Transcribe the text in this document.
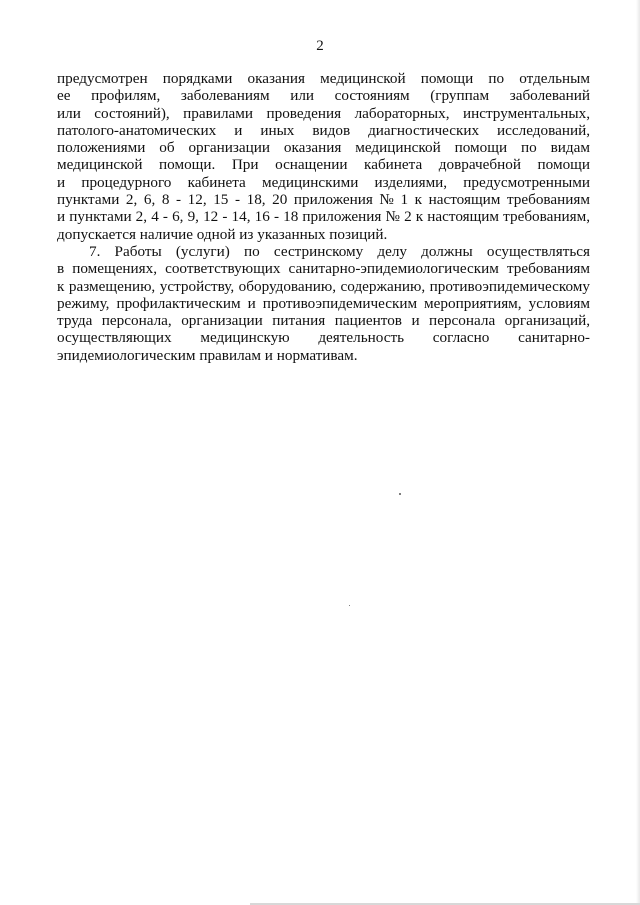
2
предусмотрен порядками оказания медицинской помощи по отдельным
ее профилям, заболеваниям или состояниям (группам заболеваний
или состояний), правилами проведения лабораторных, инструментальных,
патолого-анатомических и иных видов диагностических исследований,
положениями об организации оказания медицинской помощи по видам
медицинской помощи. При оснащении кабинета доврачебной помощи
и процедурного кабинета медицинскими изделиями, предусмотренными
пунктами 2, 6, 8 - 12, 15 - 18, 20 приложения № 1 к настоящим требованиям
и пунктами 2, 4 - 6, 9, 12 - 14, 16 - 18 приложения № 2 к настоящим требованиям,
допускается наличие одной из указанных позиций.
7. Работы (услуги) по сестринскому делу должны осуществляться
в помещениях, соответствующих санитарно-эпидемиологическим требованиям
к размещению, устройству, оборудованию, содержанию, противоэпидемическому
режиму, профилактическим и противоэпидемическим мероприятиям, условиям
труда персонала, организации питания пациентов и персонала организаций,
осуществляющих медицинскую деятельность согласно санитарно-
эпидемиологическим правилам и нормативам.
